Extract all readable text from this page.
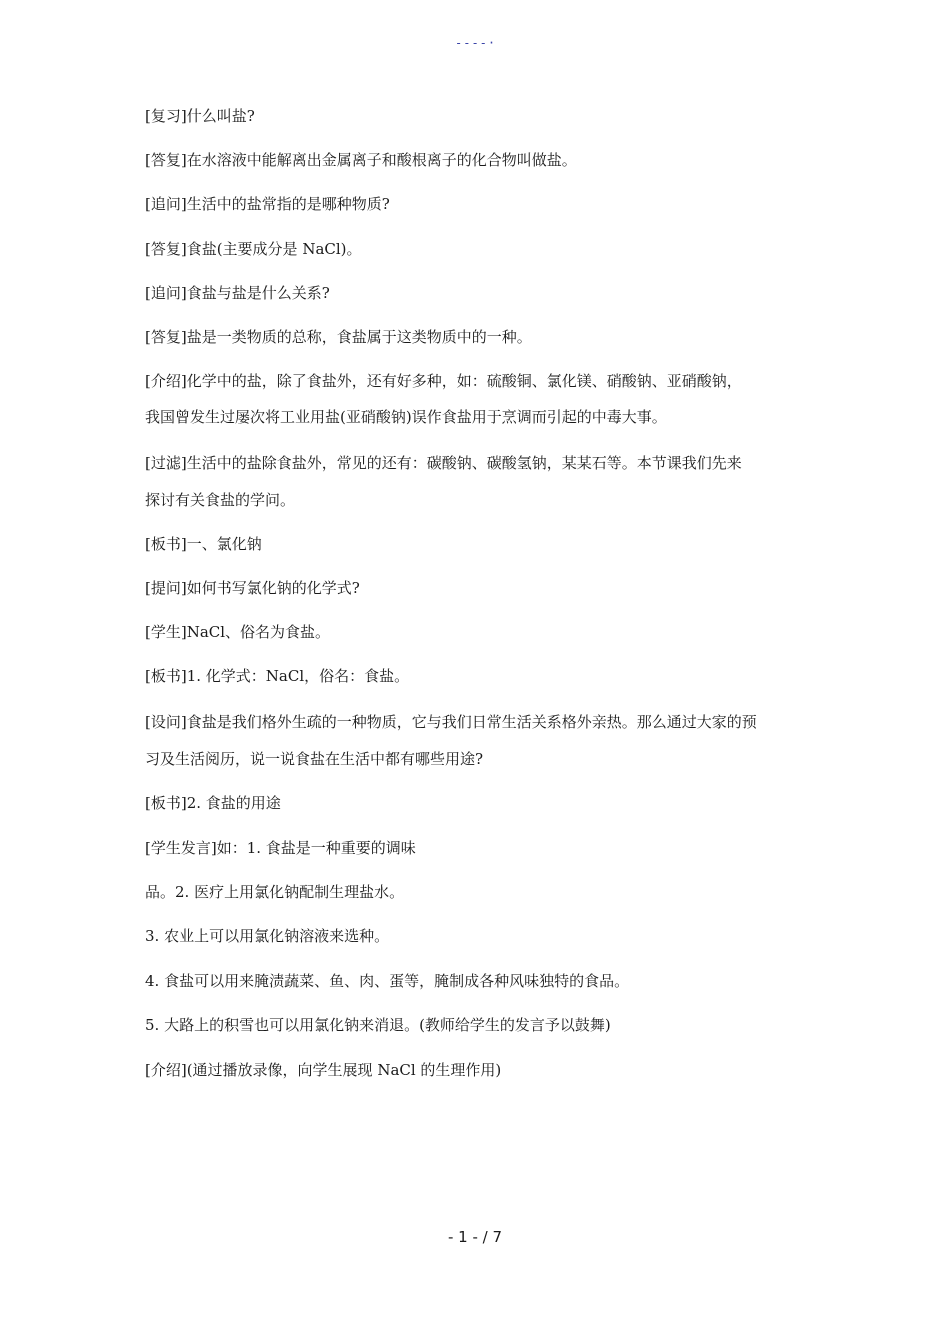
----·
[复习]什么叫盐?
[答复]在水溶液中能解离出金属离子和酸根离子的化合物叫做盐。
[追问]生活中的盐常指的是哪种物质?
[答复]食盐(主要成分是 NaCl)。
[追问]食盐与盐是什么关系?
[答复]盐是一类物质的总称，食盐属于这类物质中的一种。
[介绍]化学中的盐，除了食盐外，还有好多种，如：硫酸铜、氯化镁、硝酸钠、亚硝酸钠，
我国曾发生过屡次将工业用盐(亚硝酸钠)误作食盐用于烹调而引起的中毒大事。
[过滤]生活中的盐除食盐外，常见的还有：碳酸钠、碳酸氢钠，某某石等。本节课我们先来
探讨有关食盐的学问。
[板书]一、氯化钠
[提问]如何书写氯化钠的化学式?
[学生]NaCl、俗名为食盐。
[板书]1. 化学式：NaCl，俗名：食盐。
[设问]食盐是我们格外生疏的一种物质，它与我们日常生活关系格外亲热。那么通过大家的预
习及生活阅历，说一说食盐在生活中都有哪些用途?
[板书]2. 食盐的用途
[学生发言]如：1. 食盐是一种重要的调味
品。2. 医疗上用氯化钠配制生理盐水。
3. 农业上可以用氯化钠溶液来选种。
4. 食盐可以用来腌渍蔬菜、鱼、肉、蛋等，腌制成各种风味独特的食品。
5. 大路上的积雪也可以用氯化钠来消退。(教师给学生的发言予以鼓舞)
[介绍](通过播放录像，向学生展现 NaCl 的生理作用)
- 1 - / 7
